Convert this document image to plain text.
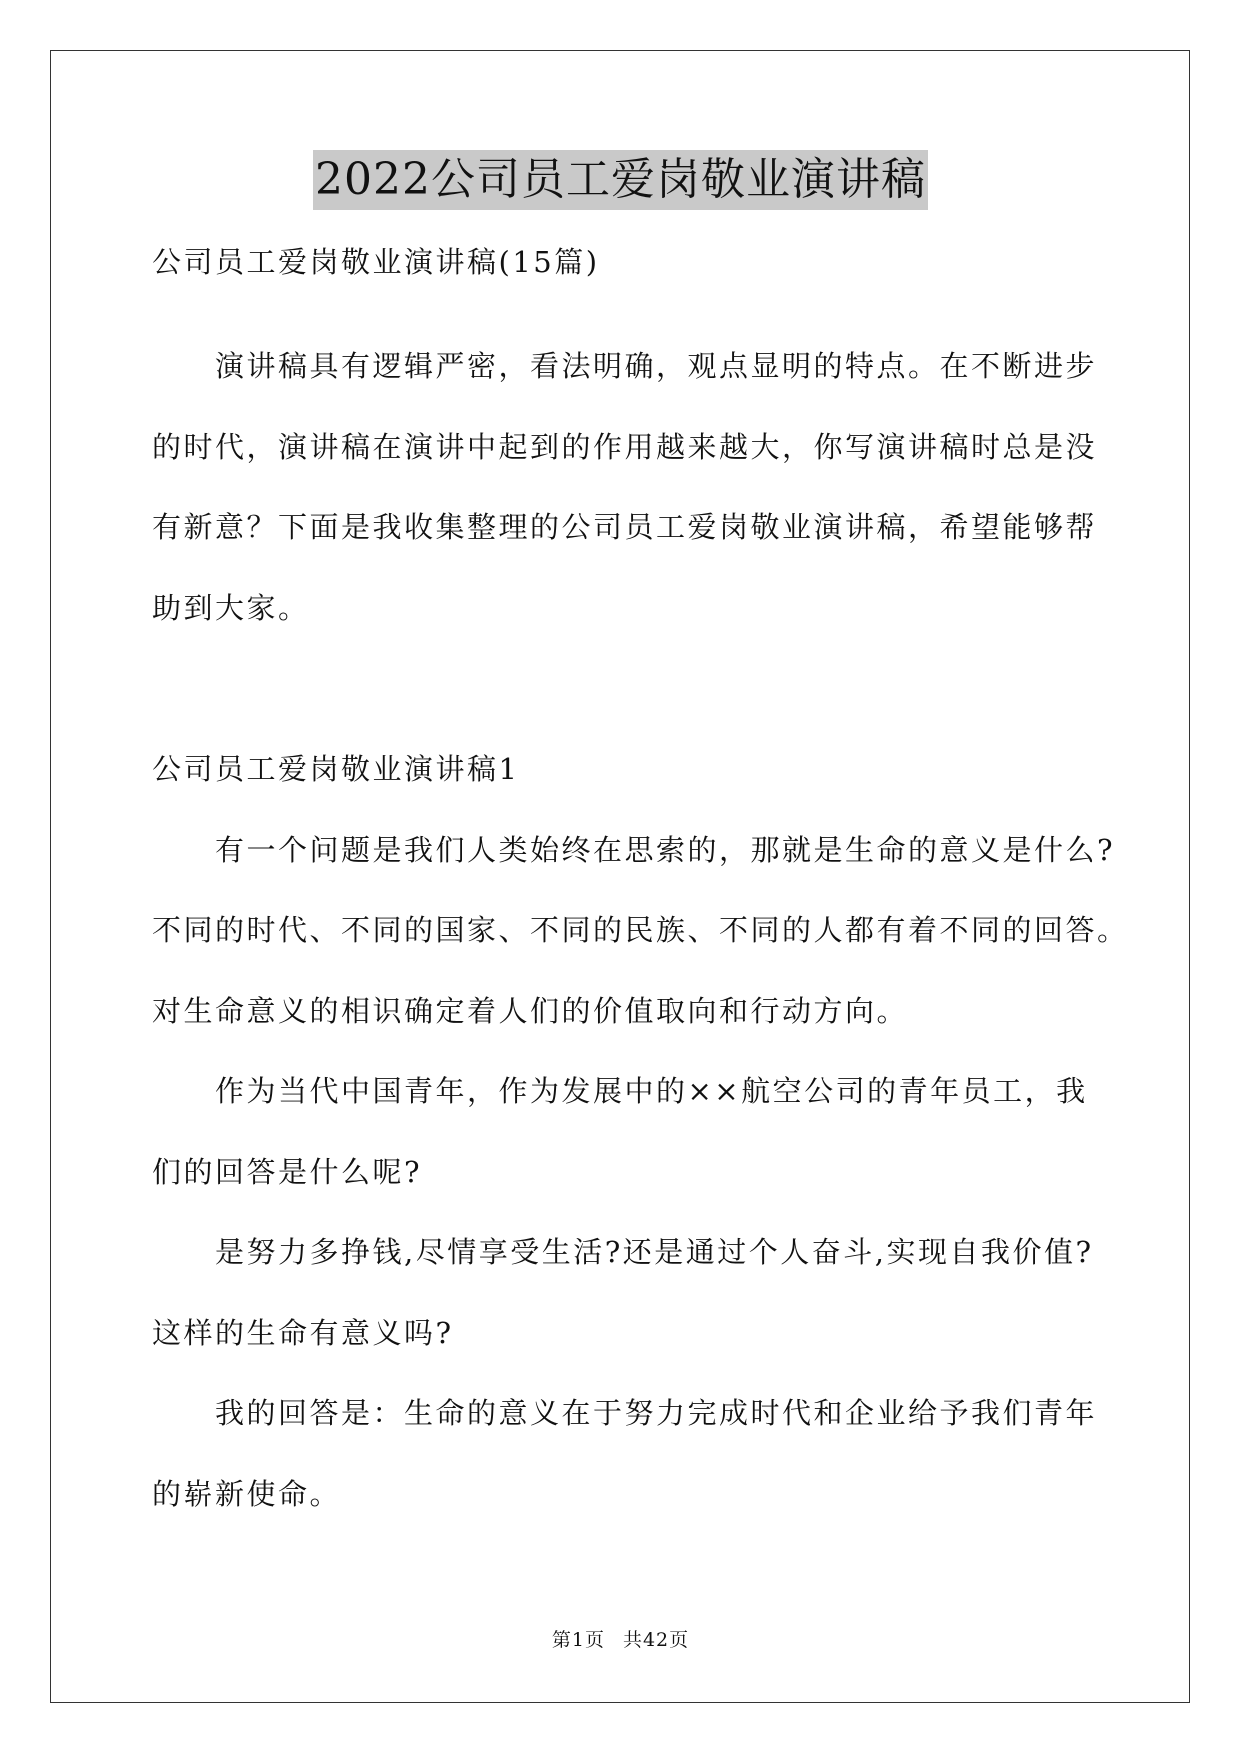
2022公司员工爱岗敬业演讲稿
公司员工爱岗敬业演讲稿(15篇)
　　演讲稿具有逻辑严密，看法明确，观点显明的特点。在不断进步
的时代，演讲稿在演讲中起到的作用越来越大，你写演讲稿时总是没
有新意？下面是我收集整理的公司员工爱岗敬业演讲稿，希望能够帮
助到大家。
公司员工爱岗敬业演讲稿1
　　有一个问题是我们人类始终在思索的，那就是生命的意义是什么?
不同的时代、不同的国家、不同的民族、不同的人都有着不同的回答。
对生命意义的相识确定着人们的价值取向和行动方向。
　　作为当代中国青年，作为发展中的××航空公司的青年员工，我
们的回答是什么呢?
　　是努力多挣钱,尽情享受生活?还是通过个人奋斗,实现自我价值?
这样的生命有意义吗?
　　我的回答是：生命的意义在于努力完成时代和企业给予我们青年
的崭新使命。
第1页 共42页
